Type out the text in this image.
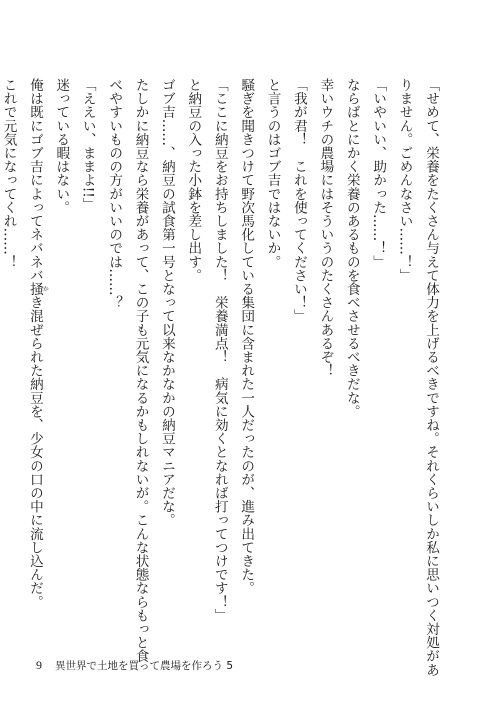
「せめて、栄養をたくさん与えて体力を上げるべきですね。それくらいしか私に思いつく対処があ
りません。ごめんなさい……！」
「いやいい、助かった……！」
ならばとにかく栄養のあるものを食べさせるべきだな。
幸いウチの農場にはそういうのたくさんあるぞ！
「我が君！　これを使ってください！」
と言うのはゴブ吉ではないか。
騒ぎを聞きつけて野次馬化している集団に含まれた一人だったのが、進み出てきた。
「ここに納豆をお持ちしました！　栄養満点！　病気に効くとなれば打ってつけです！」
と納豆の入った小鉢を差し出す。
ゴブ吉……、納豆の試食第一号となって以来なかなかの納豆マニアだな。
たしかに納豆なら栄養があって、この子も元気になるかもしれないが。こんな状態ならもっと食
べやすいものの方がいいのでは……？
「ええい、ままよ!!」
迷っている暇はない。
俺は既にゴブ吉によってネバネバ掻かき混ぜられた納豆を、少女の口の中に流し込んだ。
これで元気になってくれ……！
9 異世界で土地を買って農場を作ろう 5
